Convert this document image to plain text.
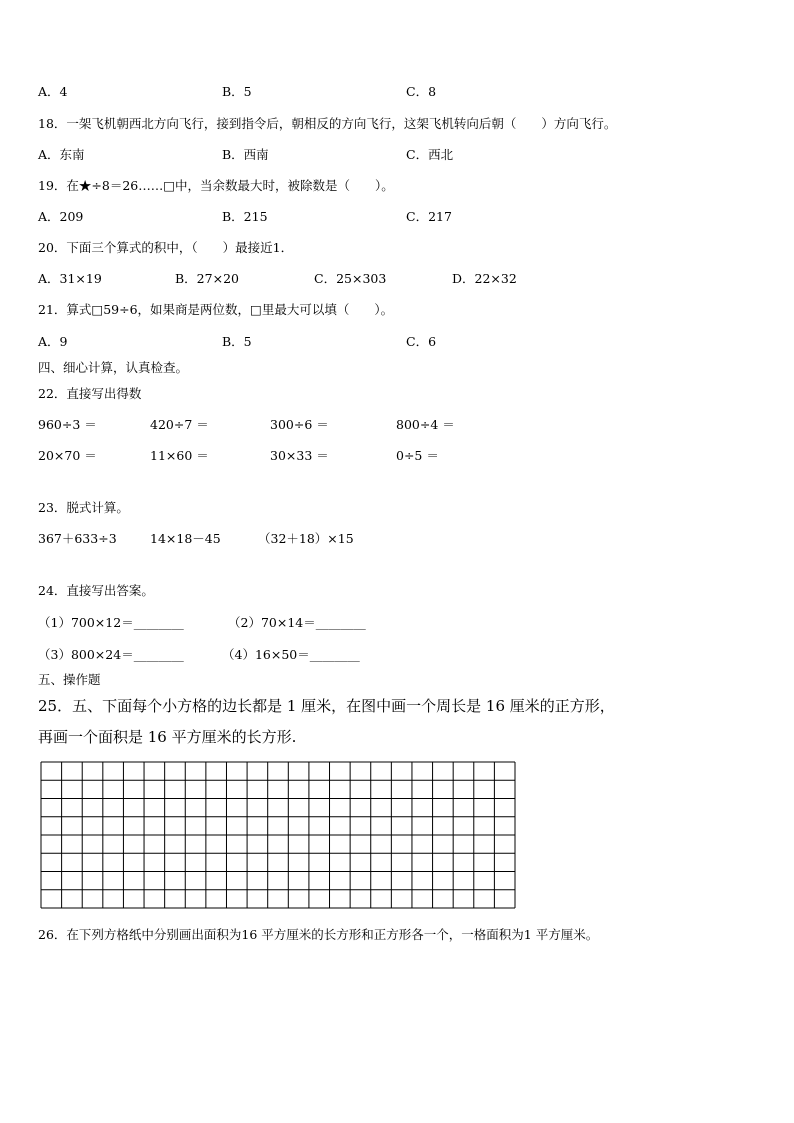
A．4	B．5	C．8
18．一架飞机朝西北方向飞行，接到指令后，朝相反的方向飞行，这架飞机转向后朝（　　）方向飞行。
A．东南	B．西南	C．西北
19．在★÷8＝26……□中，当余数最大时，被除数是（　　）。
A．209	B．215	C．217
20．下面三个算式的积中，（　　）最接近1．
A．31×19	B．27×20	C．25×303	D．22×32
21．算式□59÷6，如果商是两位数，□里最大可以填（　　）。
A．9	B．5	C．6
四、细心计算，认真检查。
22．直接写出得数
960÷3 ＝	420÷7 ＝	300÷6 ＝	800÷4 ＝
20×70 ＝	11×60 ＝	30×33 ＝	0÷5 ＝
23．脱式计算。
367＋633÷3	14×18－45	（32＋18）×15
24．直接写出答案。
（1）700×12＝________	（2）70×14＝________
（3）800×24＝________	（4）16×50＝________
五、操作题
25．五、下面每个小方格的边长都是 1 厘米，在图中画一个周长是 16 厘米的正方形，
再画一个面积是 16 平方厘米的长方形.
26．在下列方格纸中分别画出面积为16 平方厘米的长方形和正方形各一个，一格面积为1 平方厘米。
